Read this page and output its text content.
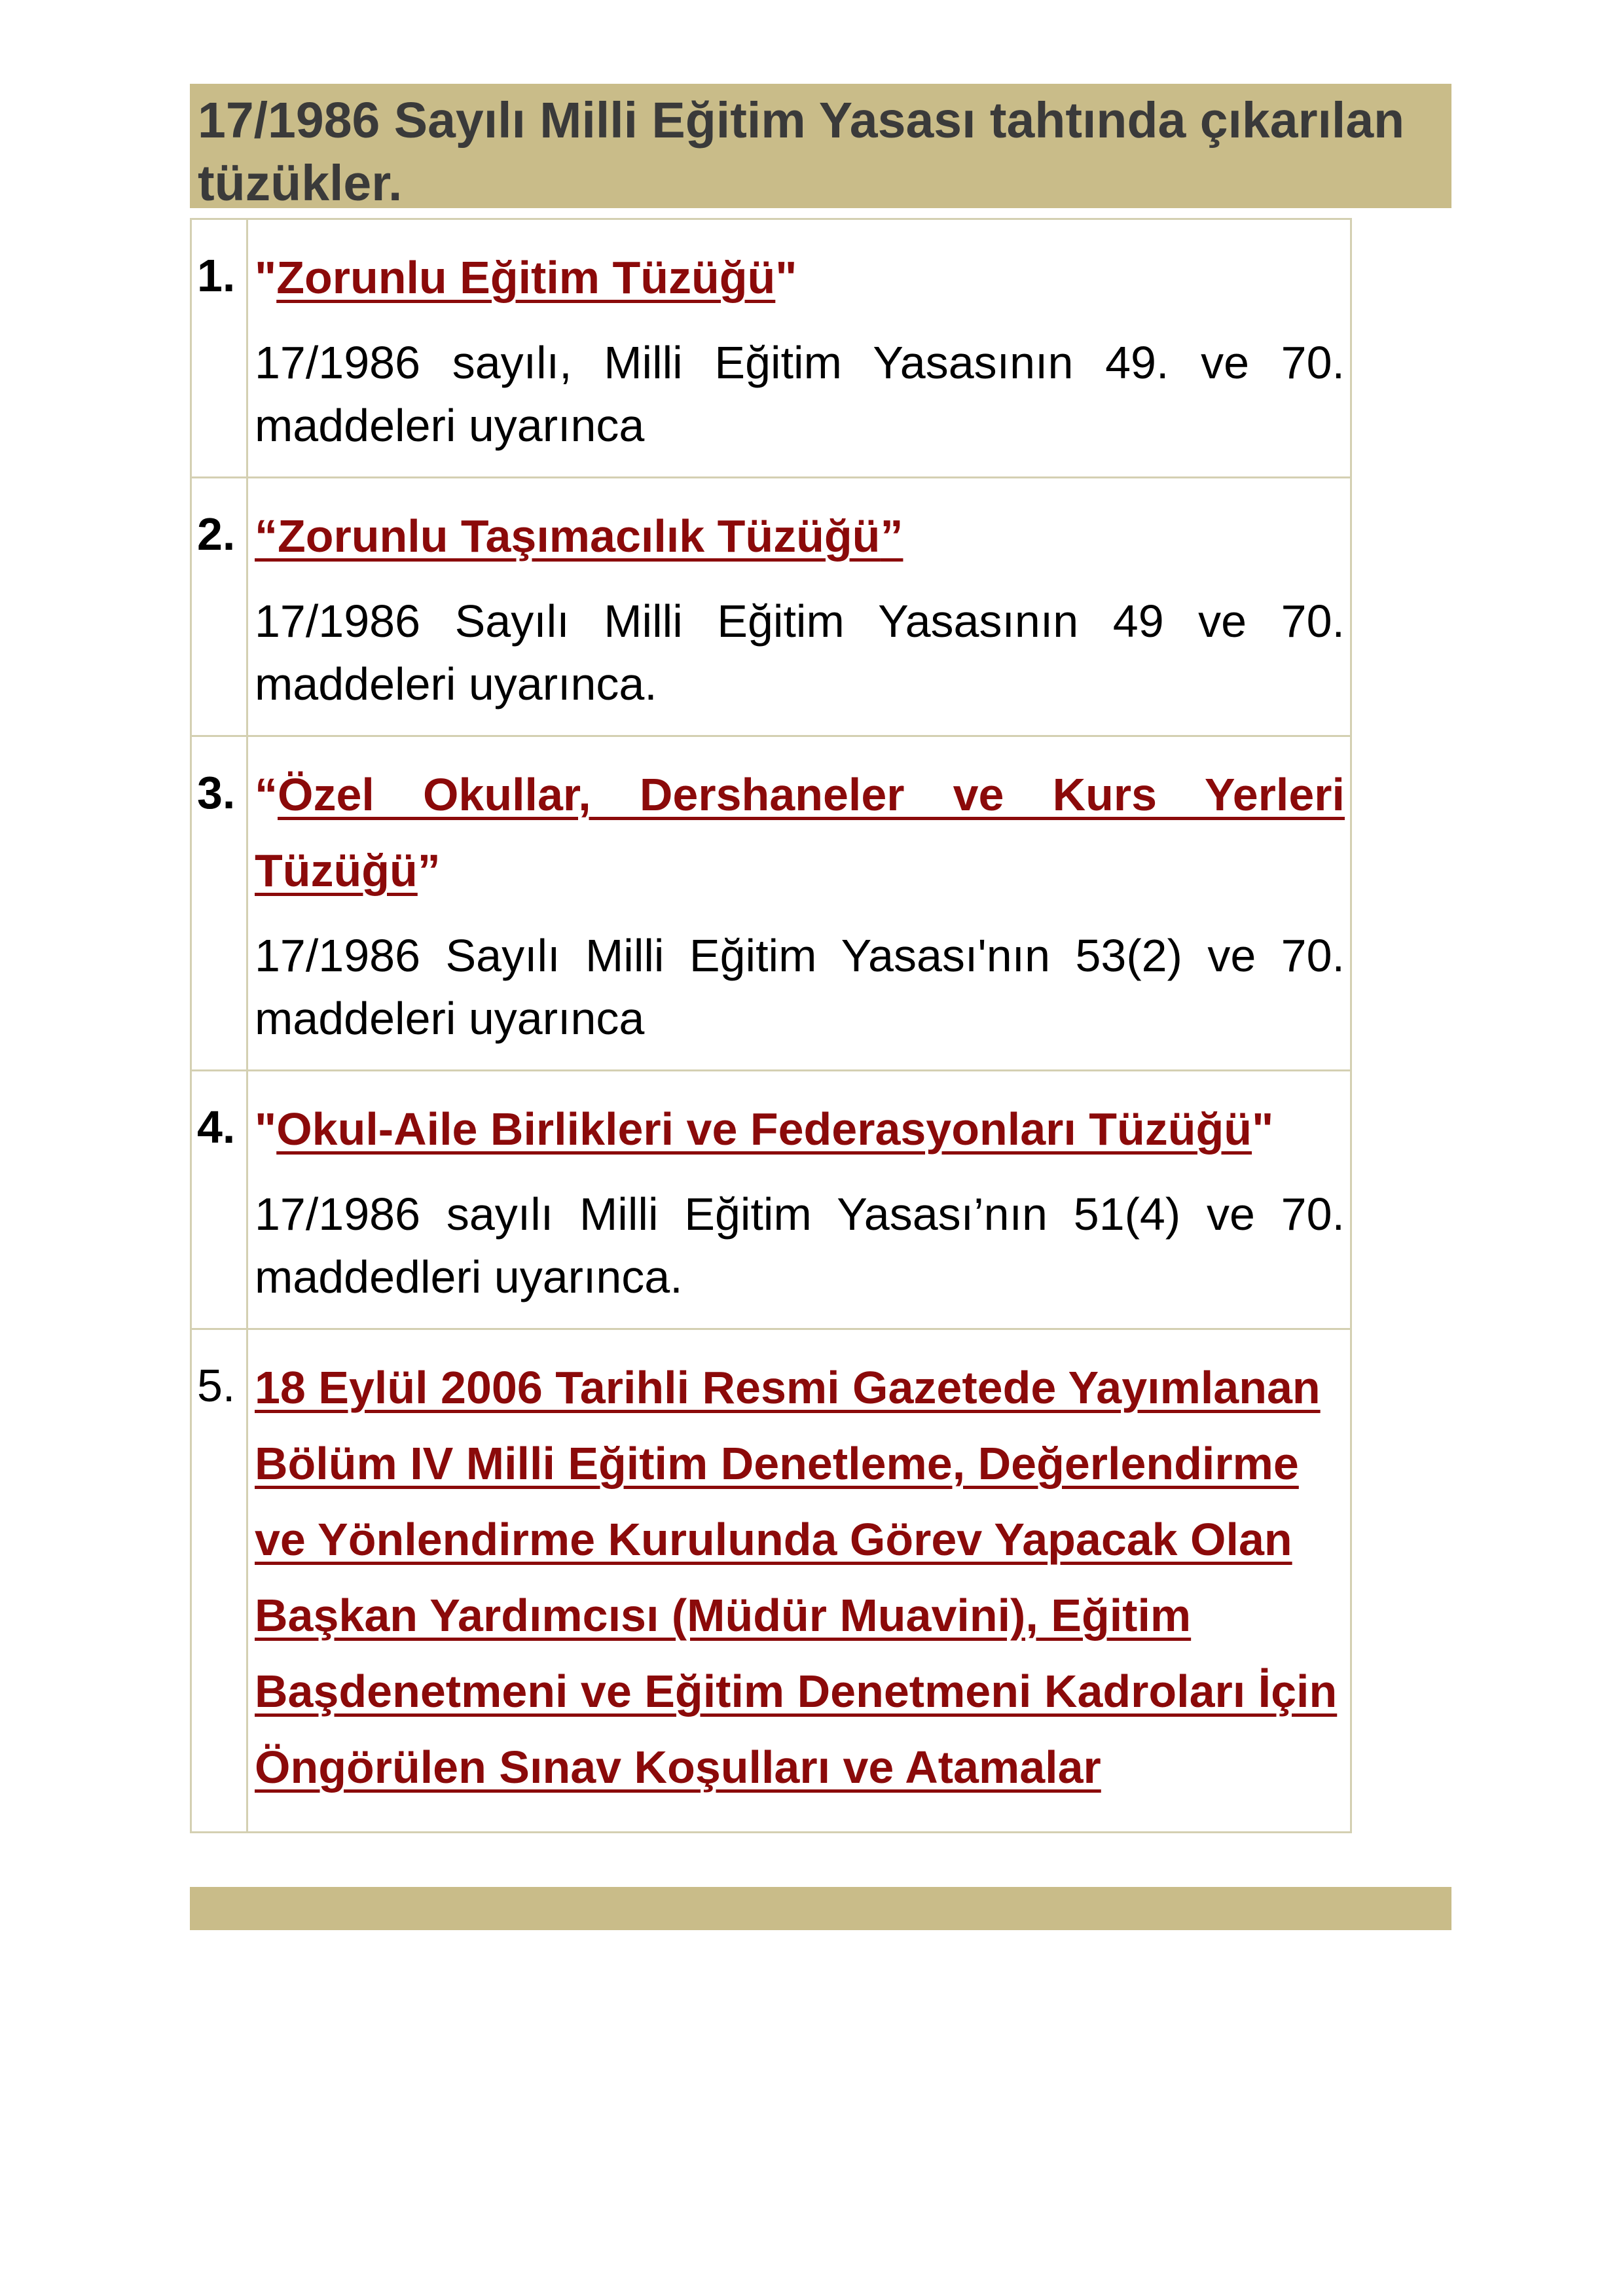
17/1986 Sayılı Milli Eğitim Yasası tahtında çıkarılan tüzükler.

1.	"Zorunlu Eğitim Tüzüğü"
17/1986 sayılı, Milli Eğitim Yasasının 49. ve 70. maddeleri uyarınca

2.	“Zorunlu Taşımacılık Tüzüğü”
17/1986 Sayılı Milli Eğitim Yasasının 49 ve 70. maddeleri uyarınca.

3.	“Özel Okullar, Dershaneler ve Kurs Yerleri Tüzüğü”
17/1986 Sayılı Milli Eğitim Yasası'nın 53(2) ve 70. maddeleri uyarınca

4.	"Okul-Aile Birlikleri ve Federasyonları Tüzüğü"
17/1986 sayılı Milli Eğitim Yasası’nın 51(4) ve 70. maddedleri uyarınca.

5.	18 Eylül 2006 Tarihli Resmi Gazetede Yayımlanan Bölüm IV Milli Eğitim Denetleme, Değerlendirme ve Yönlendirme Kurulunda Görev Yapacak Olan Başkan Yardımcısı (Müdür Muavini), Eğitim Başdenetmeni ve Eğitim Denetmeni Kadroları İçin Öngörülen Sınav Koşulları ve Atamalar
